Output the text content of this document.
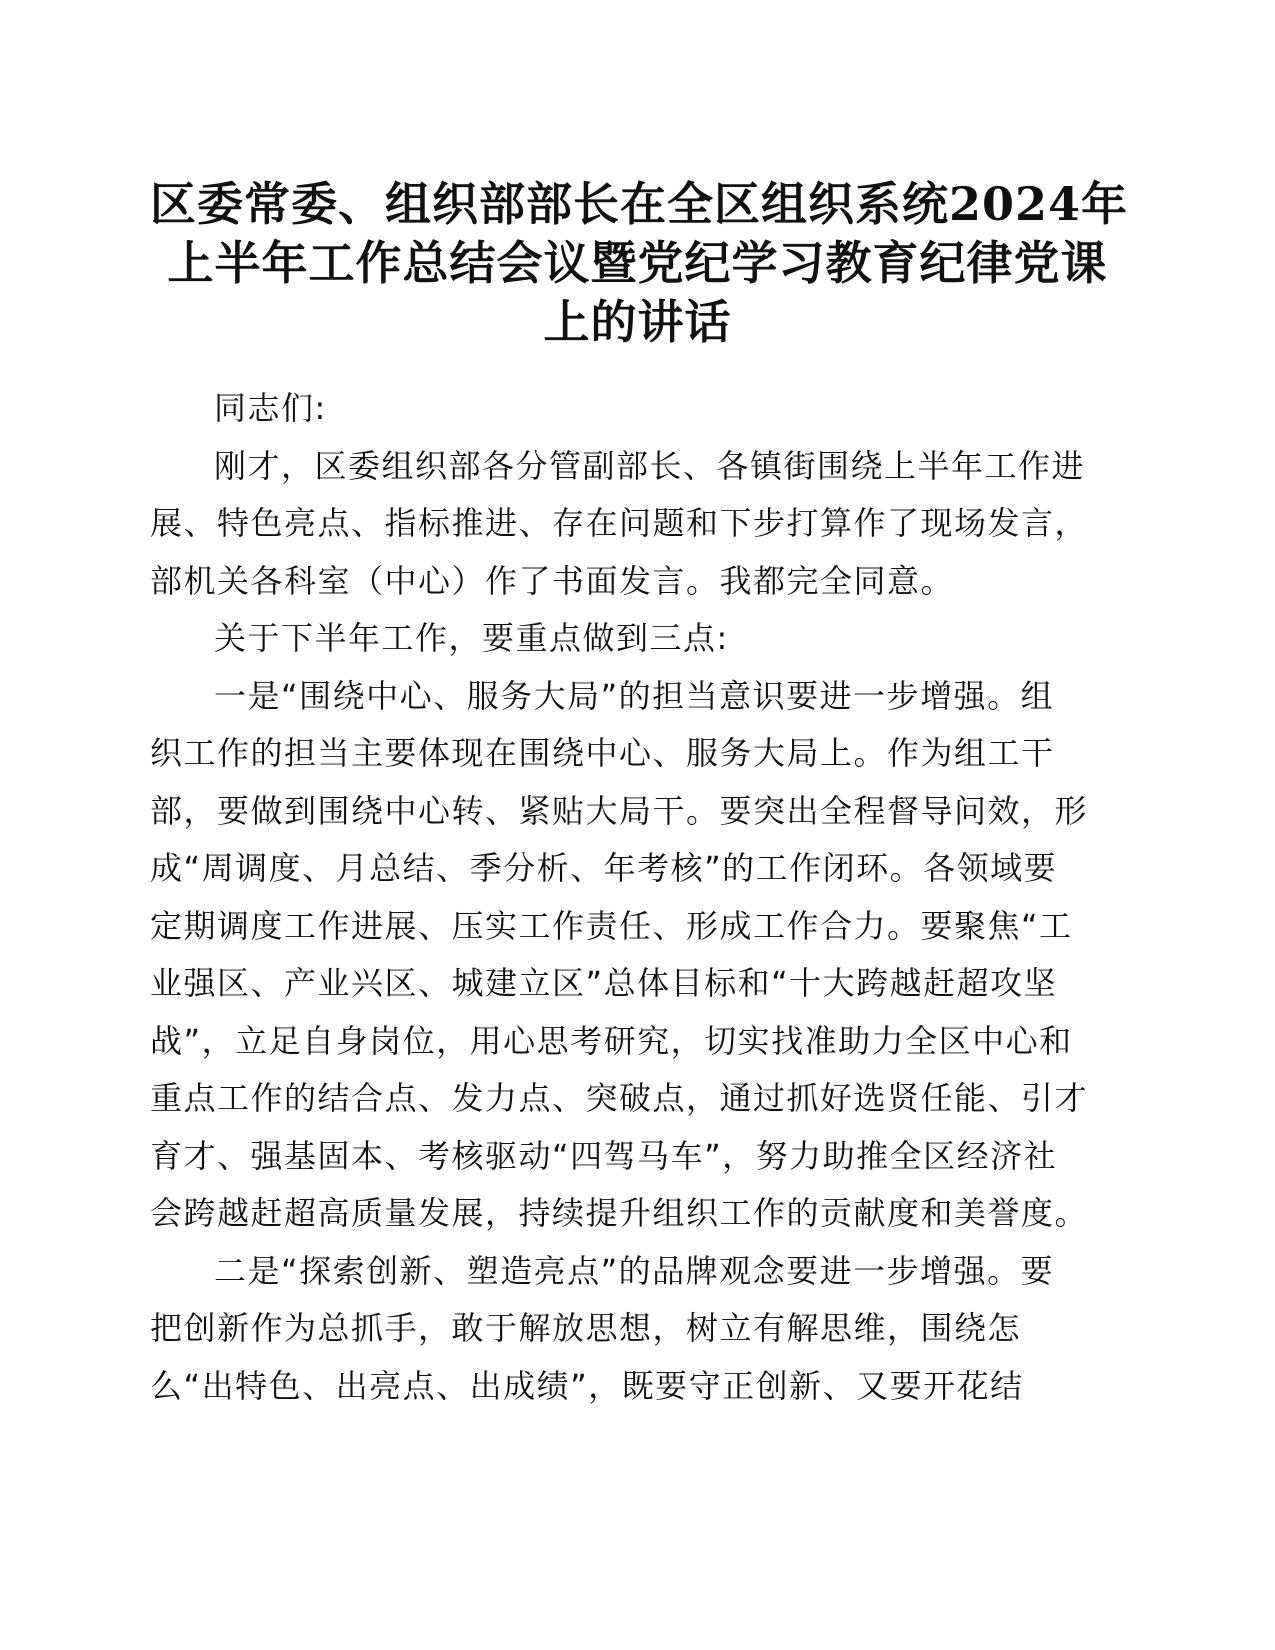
区委常委、组织部部长在全区组织系统2024年
上半年工作总结会议暨党纪学习教育纪律党课
上的讲话
同志们:
刚才，区委组织部各分管副部长、各镇街围绕上半年工作进
展、特色亮点、指标推进、存在问题和下步打算作了现场发言，
部机关各科室（中心）作了书面发言。我都完全同意。
关于下半年工作，要重点做到三点:
一是“围绕中心、服务大局”的担当意识要进一步增强。组
织工作的担当主要体现在围绕中心、服务大局上。作为组工干
部，要做到围绕中心转、紧贴大局干。要突出全程督导问效，形
成“周调度、月总结、季分析、年考核”的工作闭环。各领域要
定期调度工作进展、压实工作责任、形成工作合力。要聚焦“工
业强区、产业兴区、城建立区”总体目标和“十大跨越赶超攻坚
战”，立足自身岗位，用心思考研究，切实找准助力全区中心和
重点工作的结合点、发力点、突破点，通过抓好选贤任能、引才
育才、强基固本、考核驱动“四驾马车”，努力助推全区经济社
会跨越赶超高质量发展，持续提升组织工作的贡献度和美誉度。
二是“探索创新、塑造亮点”的品牌观念要进一步增强。要
把创新作为总抓手，敢于解放思想，树立有解思维，围绕怎
么“出特色、出亮点、出成绩”，既要守正创新、又要开花结
